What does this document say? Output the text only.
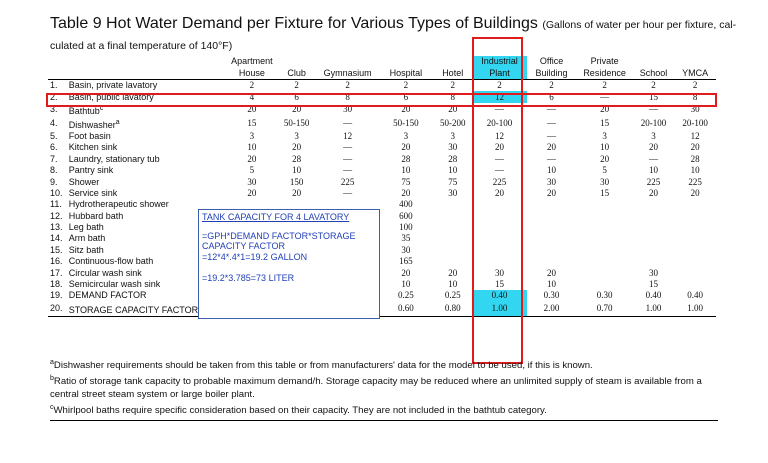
Table 9 Hot Water Demand per Fixture for Various Types of Buildings (Gallons of water per hour per fixture, cal-
culated at a final temperature of 140°F)
		Apartment					Industrial	Office	Private		
		House	Club	Gymnasium	Hospital	Hotel	Plant	Building	Residence	School	YMCA
1.	Basin, private lavatory	2	2	2	2	2	2	2	2	2	2
2.	Basin, public lavatory	4	6	8	6	8	12	6	—	15	8
3.	Bathtub$^c$	20	20	30	20	20	—	—	20	—	30
4.	Dishwasher$^a$	15	50-150	—	50-150	50-200	20-100	—	15	20-100	20-100
5.	Foot basin	3	3	12	3	3	12	—	3	3	12
6.	Kitchen sink	10	20	—	20	30	20	20	10	20	20
7.	Laundry, stationary tub	20	28	—	28	28	—	—	20	—	28
8.	Pantry sink	5	10	—	10	10	—	10	5	10	10
9.	Shower	30	150	225	75	75	225	30	30	225	225
10.	Service sink	20	20	—	20	30	20	20	15	20	20
11.	Hydrotherapeutic shower				400						
12.	Hubbard bath				600						
13.	Leg bath				100						
14.	Arm bath				35						
15.	Sitz bath				30						
16.	Continuous-flow bath				165						
17.	Circular wash sink				20	20	30	20		30	
18.	Semicircular wash sink				10	10	15	10		15	
19.	DEMAND FACTOR				0.25	0.25	0.40	0.30	0.30	0.40	0.40
20.	STORAGE CAPACITY FACTOR				0.60	0.80	1.00	2.00	0.70	1.00	1.00
TANK CAPACITY FOR 4 LAVATORY
=GPH*DEMAND FACTOR*STORAGE
CAPACITY FACTOR
=12*4*.4*1=19.2 GALLON
=19.2*3.785=73 LITER
$^a$Dishwasher requirements should be taken from this table or from manufacturers' data for the model to be used, if this is known.
$^b$Ratio of storage tank capacity to probable maximum demand/h. Storage capacity may be reduced where an unlimited supply of steam is available from a central street steam system or large boiler plant.
$^c$Whirlpool baths require specific consideration based on their capacity. They are not included in the bathtub category.
